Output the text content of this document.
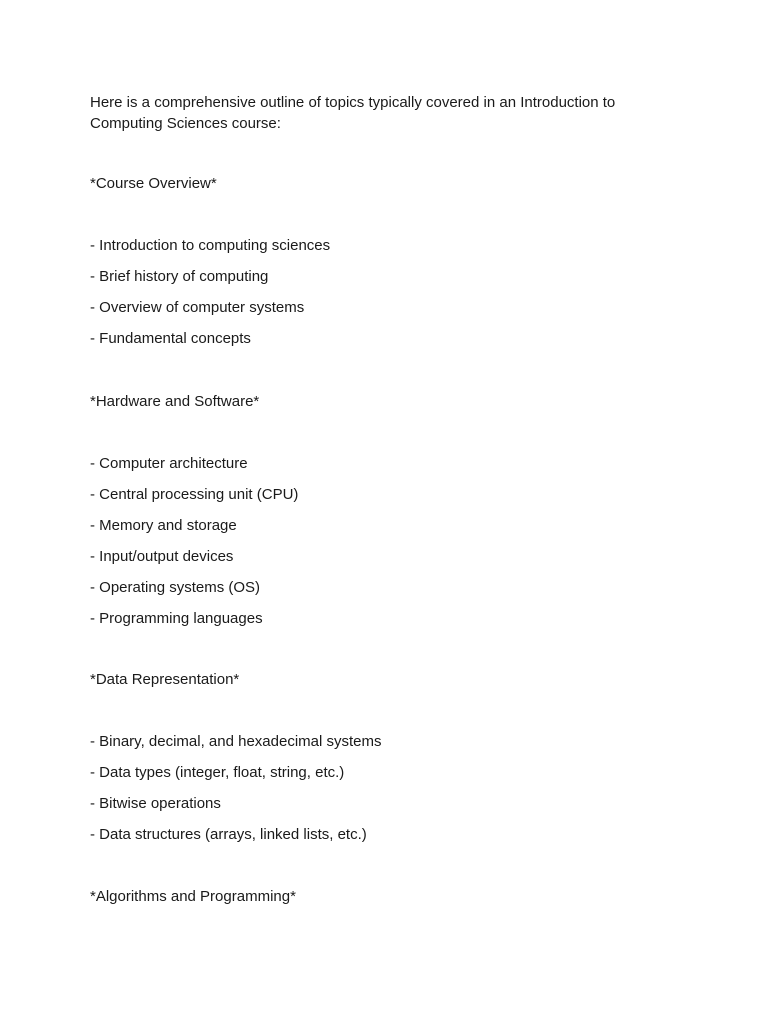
Here is a comprehensive outline of topics typically covered in an Introduction to Computing Sciences course:

*Course Overview*

- Introduction to computing sciences

- Brief history of computing

- Overview of computer systems

- Fundamental concepts

*Hardware and Software*

- Computer architecture

- Central processing unit (CPU)

- Memory and storage

- Input/output devices

- Operating systems (OS)

- Programming languages

*Data Representation*

- Binary, decimal, and hexadecimal systems

- Data types (integer, float, string, etc.)

- Bitwise operations

- Data structures (arrays, linked lists, etc.)

*Algorithms and Programming*
